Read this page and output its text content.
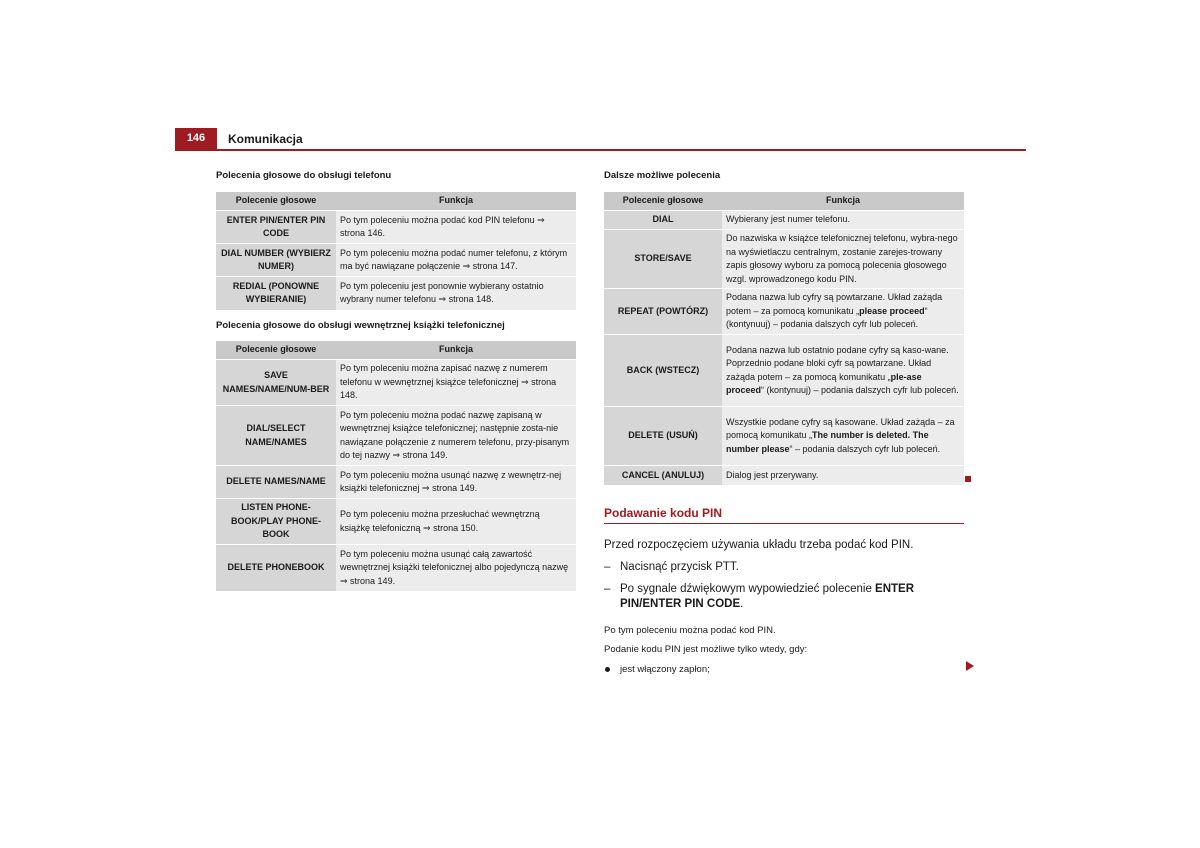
146	Komunikacja
Polecenia głosowe do obsługi telefonu
Polecenie głosowe	Funkcja
ENTER PIN/ENTER PIN CODE	Po tym poleceniu można podać kod PIN telefonu ⇒ strona 146.
DIAL NUMBER (WYBIERZ NUMER)	Po tym poleceniu można podać numer telefonu, z którym ma być nawiązane połączenie ⇒ strona 147.
REDIAL (PONOWNE WYBIERANIE)	Po tym poleceniu jest ponownie wybierany ostatnio wybrany numer telefonu ⇒ strona 148.
Polecenia głosowe do obsługi wewnętrznej książki telefonicznej
Polecenie głosowe	Funkcja
SAVE NAMES/NAME/NUM-BER	Po tym poleceniu można zapisać nazwę z numerem telefonu w wewnętrznej książce telefonicznej ⇒ strona 148.
DIAL/SELECT NAME/NAMES	Po tym poleceniu można podać nazwę zapisaną w wewnętrznej książce telefonicznej; następnie zosta-nie nawiązane połączenie z numerem telefonu, przy-pisanym do tej nazwy ⇒ strona 149.
DELETE NAMES/NAME	Po tym poleceniu można usunąć nazwę z wewnętrz-nej książki telefonicznej ⇒ strona 149.
LISTEN PHONE-BOOK/PLAY PHONE-BOOK	Po tym poleceniu można przesłuchać wewnętrzną książkę telefoniczną ⇒ strona 150.
DELETE PHONEBOOK	Po tym poleceniu można usunąć całą zawartość wewnętrznej książki telefonicznej albo pojedynczą nazwę ⇒ strona 149.
Dalsze możliwe polecenia
Polecenie głosowe	Funkcja
DIAL	Wybierany jest numer telefonu.
STORE/SAVE	Do nazwiska w książce telefonicznej telefonu, wybra-nego na wyświetlaczu centralnym, zostanie zarejes-trowany zapis głosowy wyboru za pomocą polecenia głosowego wzgl. wprowadzonego kodu PIN.
REPEAT (POWTÓRZ)	Podana nazwa lub cyfry są powtarzane. Układ zażąda potem – za pomocą komunikatu „please proceed“ (kontynuuj) – podania dalszych cyfr lub poleceń.
BACK (WSTECZ)	Podana nazwa lub ostatnio podane cyfry są kaso-wane. Poprzednio podane bloki cyfr są powtarzane. Układ zażąda potem – za pomocą komunikatu „ple-ase proceed“ (kontynuuj) – podania dalszych cyfr lub poleceń.
DELETE (USUŃ)	Wszystkie podane cyfry są kasowane. Układ zażąda – za pomocą komunikatu „The number is deleted. The number please“ – podania dalszych cyfr lub poleceń.
CANCEL (ANULUJ)	Dialog jest przerywany.
Podawanie kodu PIN
Przed rozpoczęciem używania układu trzeba podać kod PIN.
– Nacisnąć przycisk PTT.
– Po sygnale dźwiękowym wypowiedzieć polecenie ENTER PIN/ENTER PIN CODE.
Po tym poleceniu można podać kod PIN.
Podanie kodu PIN jest możliwe tylko wtedy, gdy:
jest włączony zapłon;
